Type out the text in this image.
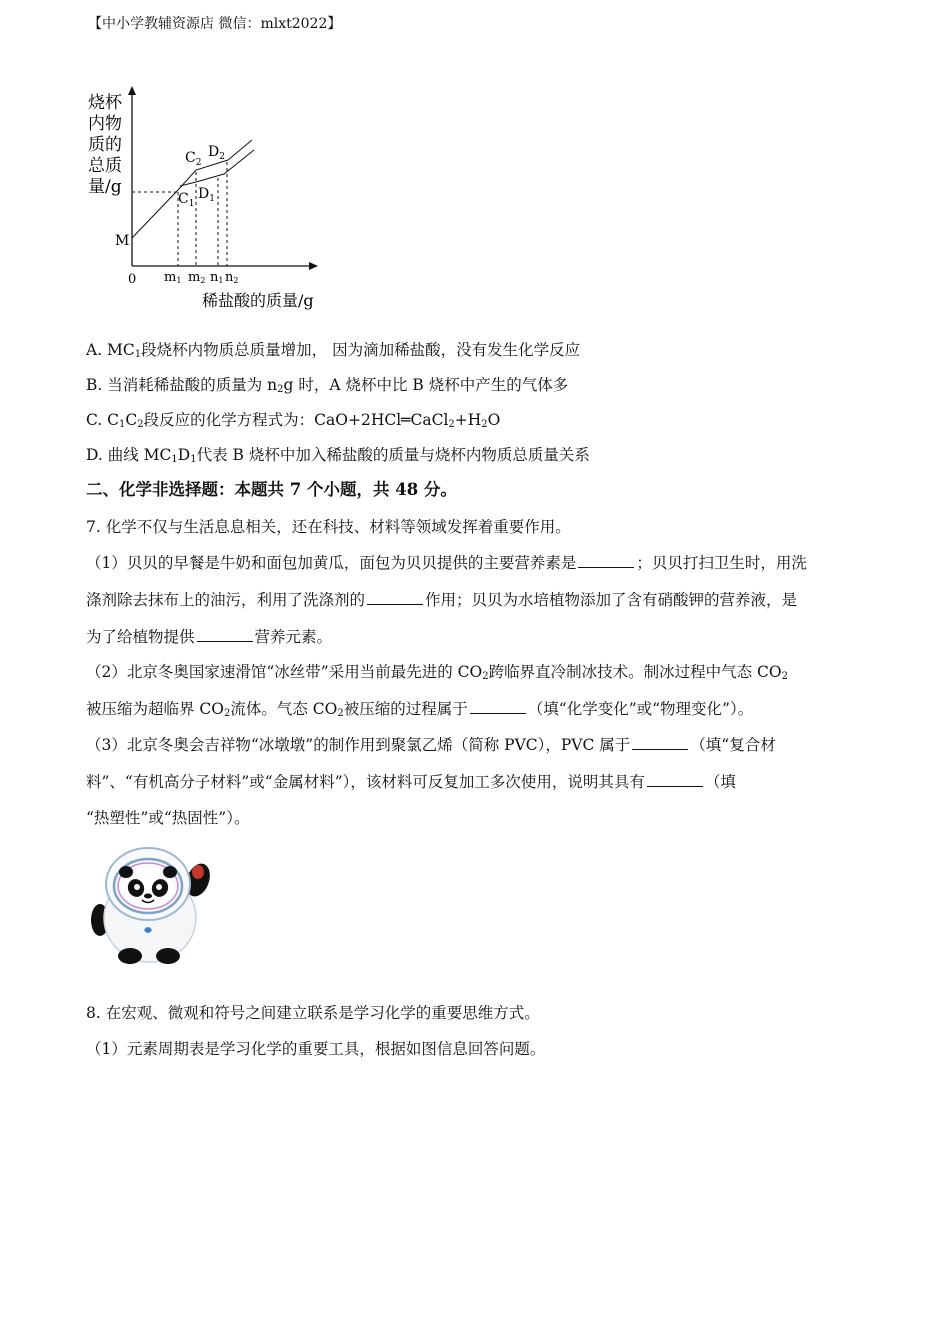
【中小学教辅资源店 微信：mlxt2022】
烧杯
内物
质的
总质
量/g
M
0
$C_2$
$D_2$
$C_1$
$D_1$
m1 m2 n1 n2
稀盐酸的质量/g
A. $MC_1$段烧杯内物质总质量增加， 因为滴加稀盐酸，没有发生化学反应
B. 当消耗稀盐酸的质量为 $n_2g$ 时，A 烧杯中比 B 烧杯中产生的气体多
C. $C_1C_2$段反应的化学方程式为：$CaO+2HCl═CaCl_2+H_2O$
D. 曲线 $MC_1D_1$代表 B 烧杯中加入稀盐酸的质量与烧杯内物质总质量关系
二、化学非选择题：本题共 7 个小题，共 48 分。
7. 化学不仅与生活息息相关，还在科技、材料等领域发挥着重要作用。
（1）贝贝的早餐是牛奶和面包加黄瓜，面包为贝贝提供的主要营养素是	；贝贝打扫卫生时，用洗
涤剂除去抹布上的油污，利用了洗涤剂的	作用；贝贝为水培植物添加了含有硝酸钾的营养液，是
为了给植物提供	营养元素。
（2）北京冬奥国家速滑馆“冰丝带”采用当前最先进的 $CO_2$跨临界直冷制冰技术。制冰过程中气态 $CO_2$
被压缩为超临界 $CO_2$流体。气态 $CO_2$被压缩的过程属于	（填“化学变化”或“物理变化”）。
（3）北京冬奥会吉祥物“冰墩墩”的制作用到聚氯乙烯（简称 PVC），PVC 属于	（填“复合材
料”、“有机高分子材料”或“金属材料”），该材料可反复加工多次使用，说明其具有	（填
“热塑性”或“热固性”）。
8. 在宏观、微观和符号之间建立联系是学习化学的重要思维方式。
（1）元素周期表是学习化学的重要工具，根据如图信息回答问题。
